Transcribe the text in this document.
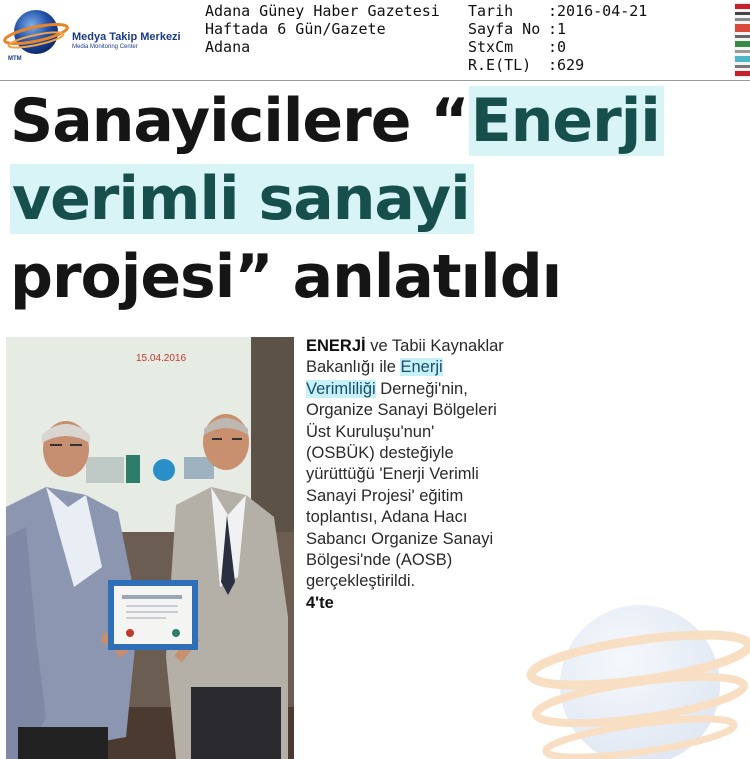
Medya Takip Merkezi
Media Monitoring Center
MTM
Adana Güney Haber Gazetesi
Haftada 6 Gün/Gazete
Adana
Tarih :2016-04-21
Sayfa No :1
StxCm :0
R.E(TL) :629
Sanayicilere “Enerji
verimli sanayi
projesi” anlatıldı
15.04.2016
ENERJİ ve Tabii Kaynaklar Bakanlığı ile Enerji Verimliliği Derneği'nin, Organize Sanayi Bölgeleri Üst Kuruluşu'nun' (OSBÜK) desteğiyle yürüttüğü 'Enerji Verimli Sanayi Projesi' eğitim toplantısı, Adana Hacı Sabancı Organize Sanayi Bölgesi'nde (AOSB) gerçekleştirildi.
4'te
